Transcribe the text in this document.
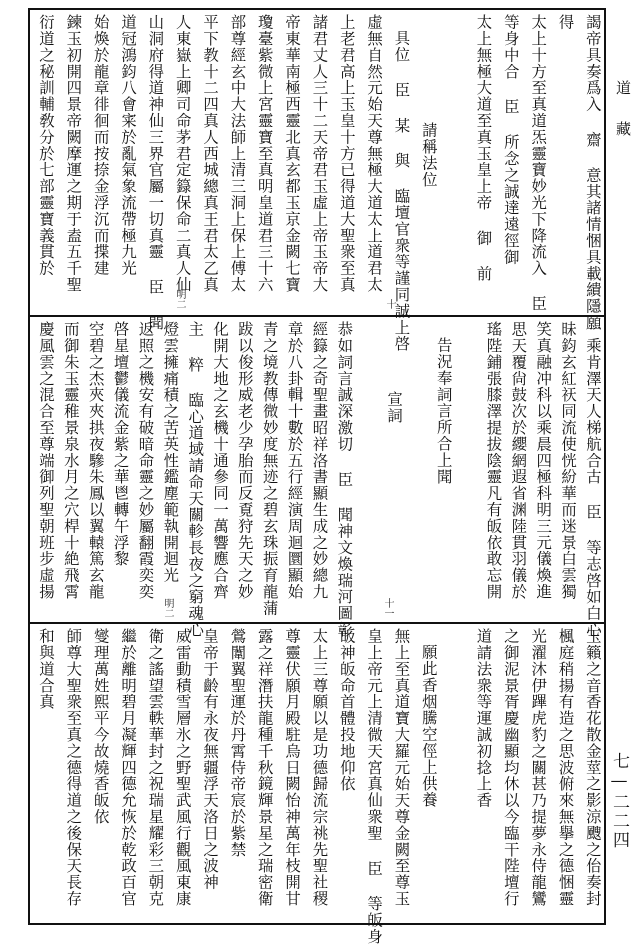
道藏
七—二二四
謁帝具奏爲入 齋 意其諸情悃具載繢隱願
得
太上十方至真道炁靈寶妙光下降流入 臣
等身中合 臣 所念之誠達遠徑御
太上無極大道至真玉皇上帝 御 前
請稱法位
具位 臣 某 與 臨壇官衆等謹同誠上啓
虛無自然元始天尊無極大道太上道君太
上老君高上玉皇十方已得道大聖衆至真
諸君丈人三十二天帝君玉虛上帝玉帝大
帝東華南極西靈北真玄都玉京金闕七寶
瓊臺紫微上宮靈寶至真明皇道君三十六
部尊經玄中大法師上清三洞上保上傅太
平下教十二四真人西城總真王君太乙真
人東嶽上卿司命茅君定籙保命二真人仙
山洞府得道神仙三界官屬一切真靈 臣 聞
道冠鴻鈞八會宷於亂氣象流帶極九光
始煥於龍章徘徊而按捺金浮沉而揲建
鍊玉初開四景帝闕摩運之期于盍五千聖
衍道之秘訓輔敎分於七部靈寶義貫於
明二	十
一乘肯澤天人梯航合古 臣 等志啓如白心
昧鈞玄紅祆同流使恍紛華而迷景白雲獨
笑真融冲科以乘晨四極科明三元儀煥進
思天覆尙鼓次於纓網遐省渊陸貫羽儀於
瑤陛鋪張膝澤提拔陰靈凡有皈依敢忘開
告況奉詞言所合上聞
宣詞
恭如詞言誠深激切 臣 聞神文煥瑞河圖彰
經籙之奇聖畫昭祥洛書顯生成之妙總九
章於八卦輯十數於五行經演周迴圜顯始
青之境教傳微妙度無迹之碧玄珠振育龍蒲
跋以俊形威老少孕胎而反覔狩先天之妙
化開大地之玄機十通參同一萬響應合齊
主 粹 臨心道域請命天關軫長夜之窮魂心
燈雲擁痛積之苦英性鑑塵範執開迴光
返照之機安有破暗命靈之妙屬翻霞奕奕
啓星壇鬱儀流金紫之華鬯轉午浮黎
空碧之杰夾夾拱夜驂朱鳳以翼轅篤玄龍
而御朱玉靈稚景泉水月之穴桿十絶飛霄
慶風雲之混合至尊端御列聖朝班步虛揚
明二	十一
玉籟之音香花散金莖之影涼颼之佁奏封
楓庭稍揚有造之思波俯來無擧之德悃靈
光濯沐伊蹕虎豹之關甚乃提夢永侍龍鸞
之御泥景胥慶幽顯均休以今臨干陛壇行
道請法衆等運誠初捻上香
願此香烟騰空俓上供養
無上至真道寶大羅元始天尊金闕至尊玉
皇上帝元上清微天宮真仙衆聖 臣 等皈身
皈神皈命首體投地仰依
太上三尊願以是功德歸流宗祧先聖社稷
尊靈伏願月殿駐烏日闕怡神萬年枝開甘
露之祥潛扶龍種千秋鏡輝景星之瑞密衛
鶯闈翼聖運於丹霄侍帝宸於紫禁
皇帝于齡有永夜無疆浮天洛日之波神
威雷動積雪層氷之野聖武風行觀風東康
衛之謠望雲軼華封之祝瑞星耀彩三朝克
繼於離明碧月凝輝四德允恢於乾政百官
燮理萬姓熙平今故燒香皈依
師尊大聖衆至真之德得道之後保天長存
和與道合真
